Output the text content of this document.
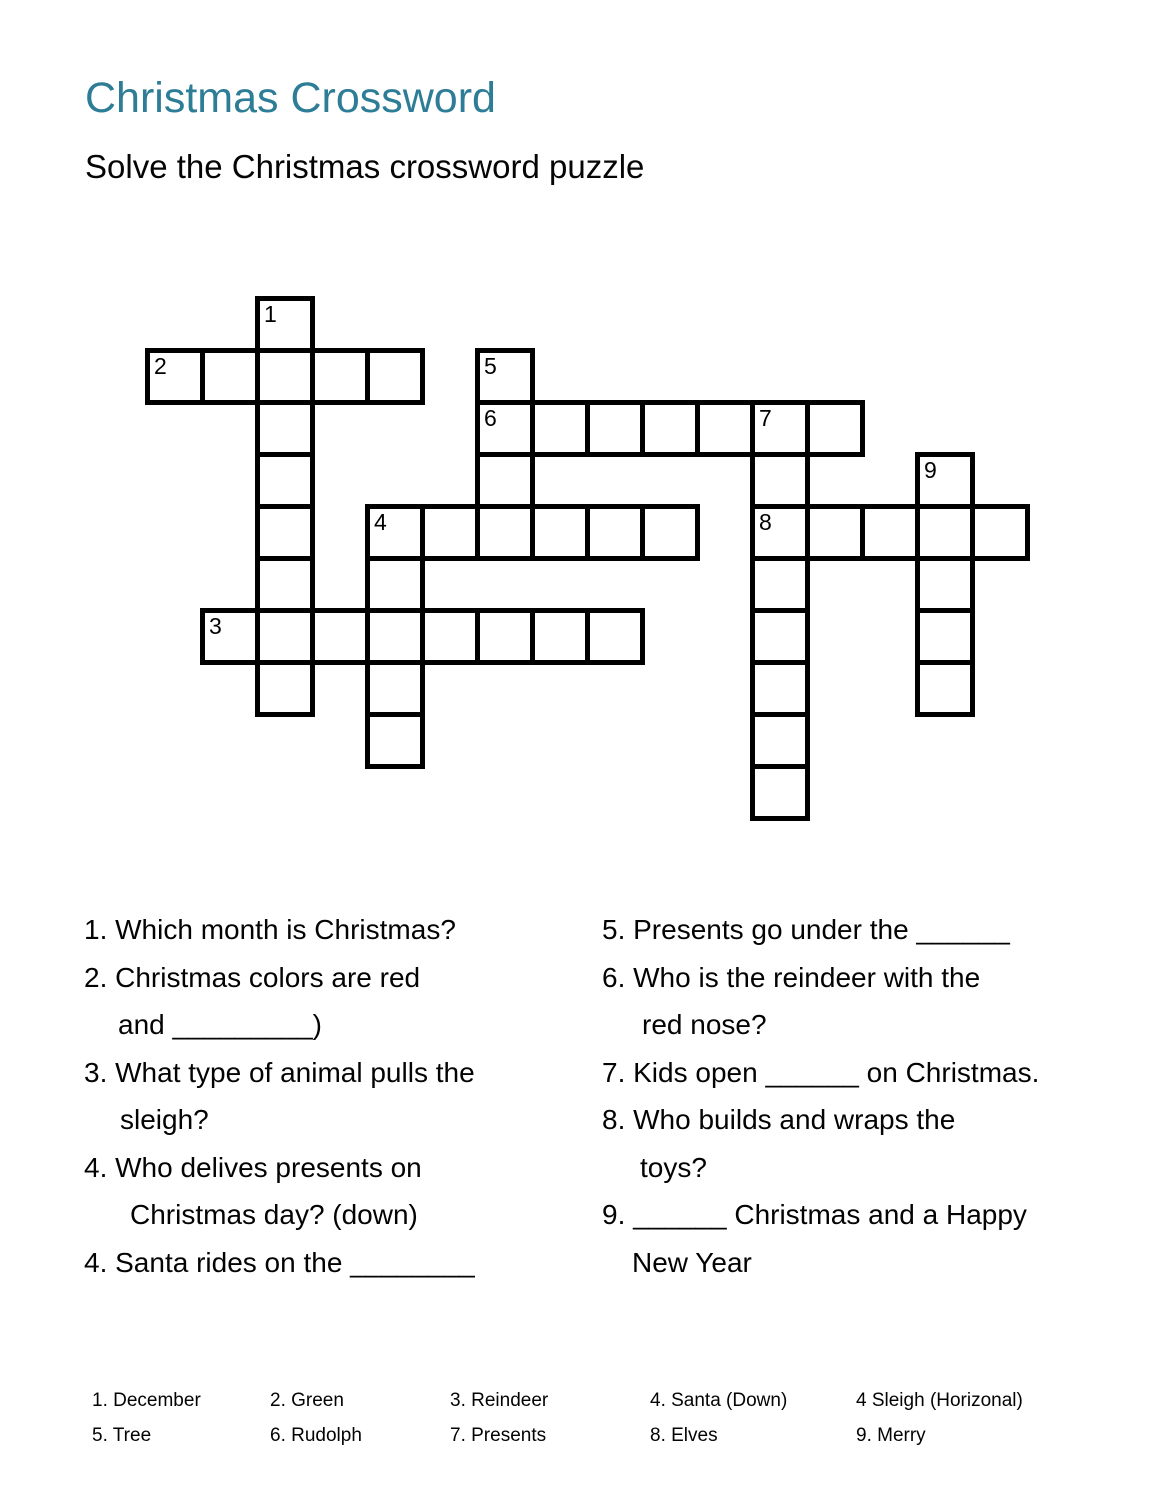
Christmas Crossword
Solve the Christmas crossword puzzle
1
2
3
4
5
6	7
8
9
1. Which month is Christmas?
2. Christmas colors are red
and _________)
3. What type of animal pulls the
sleigh?
4. Who delives presents on
Christmas day? (down)
4. Santa rides on the ________
5. Presents go under the ______
6. Who is the reindeer with the
red nose?
7. Kids open ______ on Christmas.
8. Who builds and wraps the
toys?
9. ______ Christmas and a Happy
New Year
1. December	2. Green	3. Reindeer	4. Santa (Down)	4 Sleigh (Horizonal)
5. Tree	6. Rudolph	7. Presents	8. Elves	9. Merry
